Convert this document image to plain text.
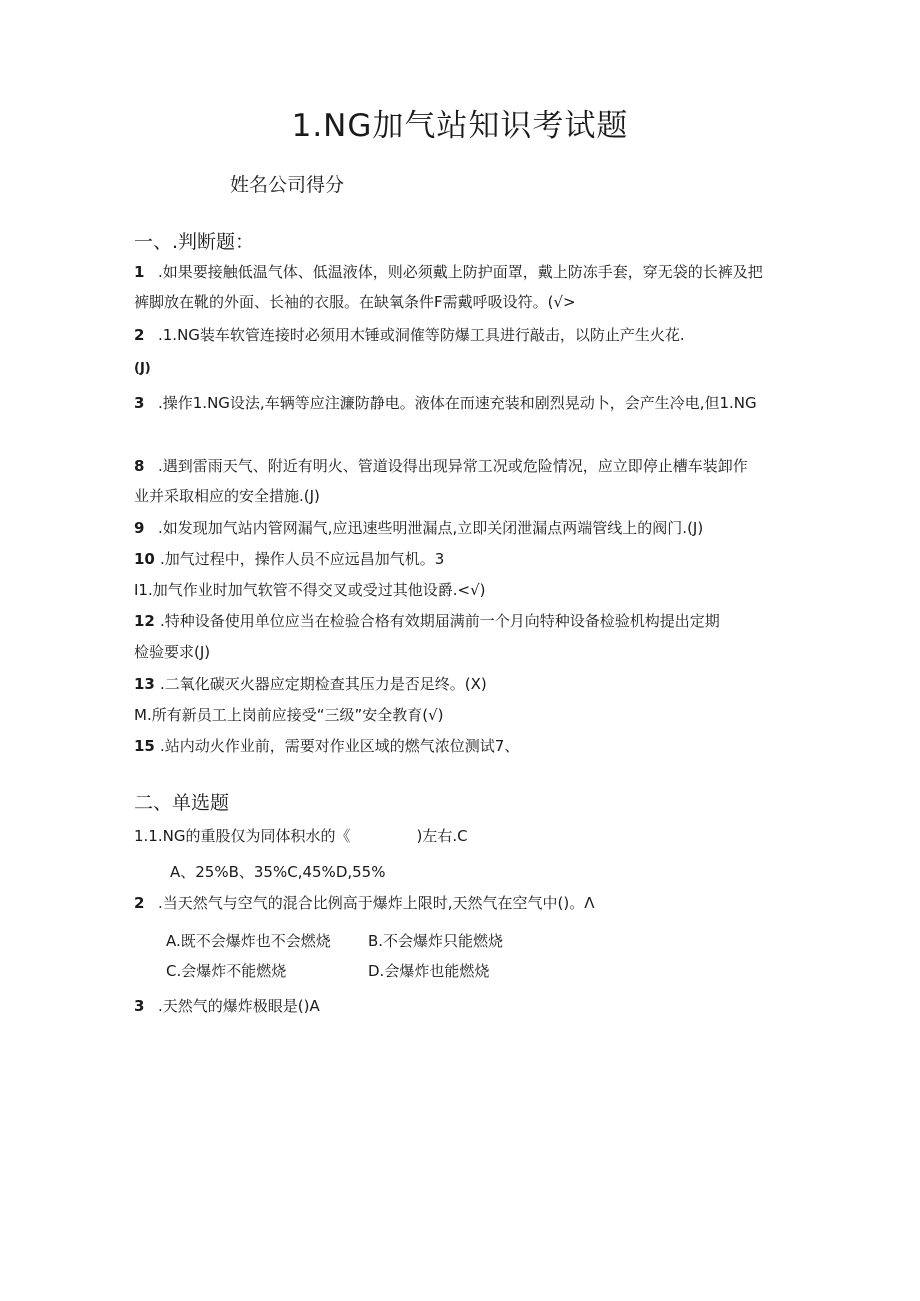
1.NG加气站知识考试题
姓名公司得分
一、.判断题：
1 .如果要接触低温气体、低温液体，则必须戴上防护面罩，戴上防冻手套，穿无袋的长裤及把
裤脚放在靴的外面、长袖的衣服。在缺氧条件F需戴呼吸设符。(√>
2 .1.NG装车软管连接时必须用木锤或洞傕等防爆工具进行敲击，以防止产生火花.
(J)
3 .操作1.NG设法,车辆等应注濂防静电。液体在而速充装和剧烈晃动卜，会产生冷电,但1.NG
8 .遇到雷雨天气、附近有明火、管道设得出现异常工况或危险情况，应立即停止槽车装卸作
业并采取相应的安全措施.(J)
9 .如发现加气站内管网漏气,应迅速些明泄漏点,立即关闭泄漏点两端管线上的阀门.(J)
10 .加气过程中，操作人员不应远昌加气机。3
I1.加气作业时加气软管不得交叉或受过其他设爵.<√)
12 .特种设备使用单位应当在检验合格有效期届满前一个月向特种设备检验机构提出定期
检验要求(J)
13 .二氧化碳灭火器应定期检查其压力是否足终。(X)
M.所有新员工上岗前应接受“三级”安全教育(√)
15 .站内动火作业前，需要对作业区域的燃气浓位测试7、
二、单选题
1.1.NG的重股仅为同体积水的《	)左右.C
A、25%B、35%C,45%D,55%
2 .当天然气与空气的混合比例高于爆炸上限时,天然气在空气中()。Λ
A.既不会爆炸也不会燃烧 B.不会爆炸只能燃烧
C.会爆炸不能燃烧	D.会爆炸也能燃烧
3 .天然气的爆炸极眼是()A
